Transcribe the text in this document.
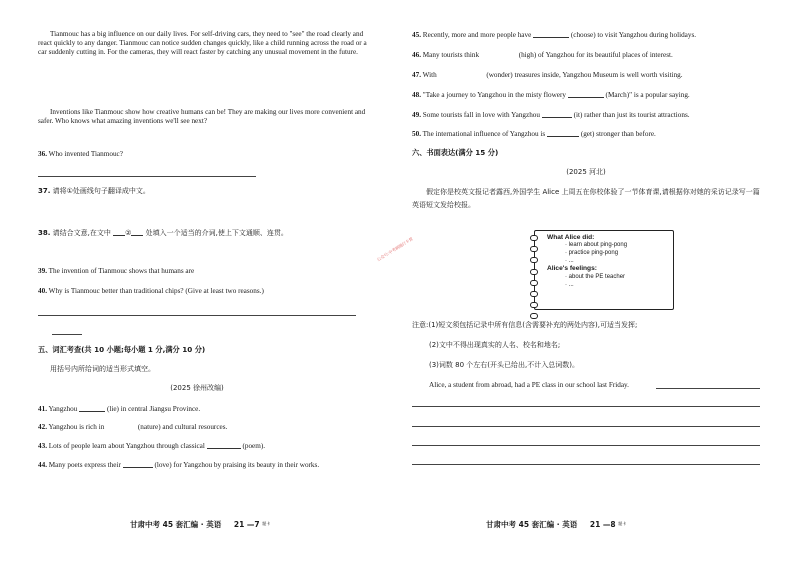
Tianmouc has a big influence on our daily lives. For self-driving cars, they need to "see" the road clearly and react quickly to any danger. Tianmouc can notice sudden changes quickly, like a child running across the road or a car suddenly cutting in. For the cameras, they will react faster by catching any unusual movement in the future.
Inventions like Tianmouc show how creative humans can be! They are making our lives more convenient and safer. Who knows what amazing inventions we'll see next?
36. Who invented Tianmouc?
37. 请将①处画线句子翻译成中文。
38. 请结合文意,在文中 ② 处填入一个适当的介词,使上下文通顺、连贯。
39. The invention of Tianmouc shows that humans are
40. Why is Tianmouc better than traditional chips? (Give at least two reasons.)
五、词汇考查(共 10 小题;每小题 1 分,满分 10 分)
用括号内所给词的适当形式填空。
(2025 徐州改编)
41. Yangzhou	(lie) in central Jiangsu Province.
42. Yangzhou is rich in	(nature) and cultural resources.
43. Lots of people learn about Yangzhou through classical	(poem).
44. Many poets express their	(love) for Yangzhou by praising its beauty in their works.
甘肃中考 45 套汇编 · 英语 21 —7 $^{题卡}$
45. Recently, more and more people have	(choose) to visit Yangzhou during holidays.
46. Many tourists think	(high) of Yangzhou for its beautiful places of interest.
47. With	(wonder) treasures inside, Yangzhou Museum is well worth visiting.
48. "Take a journey to Yangzhou in the misty flowery	(March)" is a popular saying.
49. Some tourists fall in love with Yangzhou	(it) rather than just its tourist attractions.
50. The international influence of Yangzhou is	(get) stronger than before.
六、书面表达(满分 15 分)
(2025 河北)
假定你是校英文报记者露西,外国学生 Alice 上周五在你校体验了一节体育课,请根据你对她的采访记录写一篇英语短文发给校报。
What Alice did:
· learn about ping-pong
· practice ping-pong
· ...
Alice's feelings:
· about the PE teacher
· ...
注意:(1)短文须包括记录中所有信息(含需要补充的两处内容),可适当发挥;
(2)文中不得出现真实的人名、校名和地名;
(3)词数 80 个左右(开头已给出,不计入总词数)。
Alice, a student from abroad, had a PE class in our school last Friday.
甘肃中考 45 套汇编 · 英语 21 —8 $^{题卡}$
公众号:中考刷题打卡营
